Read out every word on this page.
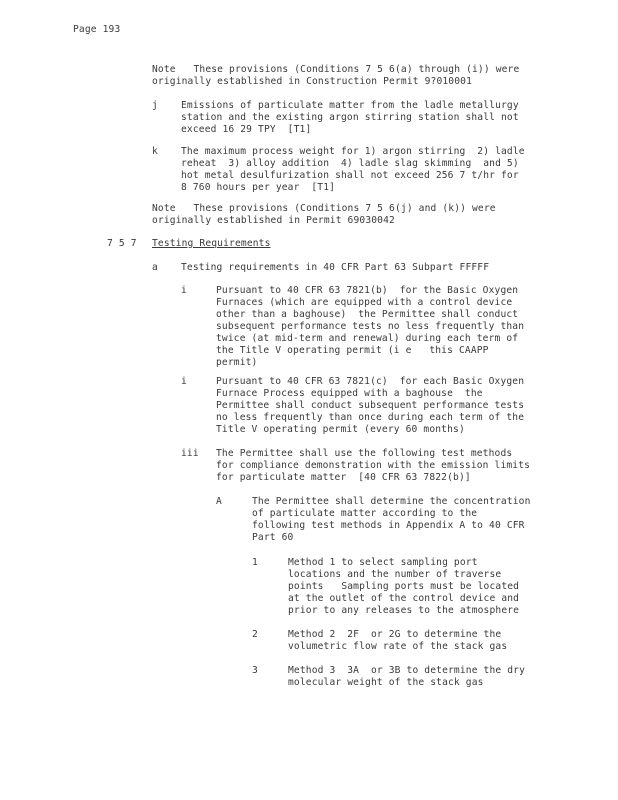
Page 193
Note   These provisions (Conditions 7 5 6(a) through (i)) were
originally established in Construction Permit 9?010001
j Emissions of particulate matter from the ladle metallurgy
station and the existing argon stirring station shall not
exceed 16 29 TPY  [T1]
k The maximum process weight for 1) argon stirring  2) ladle
reheat  3) alloy addition  4) ladle slag skimming  and 5)
hot metal desulfurization shall not exceed 256 7 t/hr for
8 760 hours per year  [T1]
Note   These provisions (Conditions 7 5 6(j) and (k)) were
originally established in Permit 69030042
7 5 7 Testing Requirements
a Testing requirements in 40 CFR Part 63 Subpart FFFFF
i	Pursuant to 40 CFR 63 7821(b)  for the Basic Oxygen
Furnaces (which are equipped with a control device
other than a baghouse)  the Permittee shall conduct
subsequent performance tests no less frequently than
twice (at mid-term and renewal) during each term of
the Title V operating permit (i e   this CAAPP
permit)
i	Pursuant to 40 CFR 63 7821(c)  for each Basic Oxygen
Furnace Process equipped with a baghouse  the
Permittee shall conduct subsequent performance tests
no less frequently than once during each term of the
Title V operating permit (every 60 months)
iii The Permittee shall use the following test methods
for compliance demonstration with the emission limits
for particulate matter  [40 CFR 63 7822(b)]
A	The Permittee shall determine the concentration
of particulate matter according to the
following test methods in Appendix A to 40 CFR
Part 60
1	Method 1 to select sampling port
locations and the number of traverse
points   Sampling ports must be located
at the outlet of the control device and
prior to any releases to the atmosphere
2	Method 2  2F  or 2G to determine the
volumetric flow rate of the stack gas
3	Method 3  3A  or 3B to determine the dry
molecular weight of the stack gas
